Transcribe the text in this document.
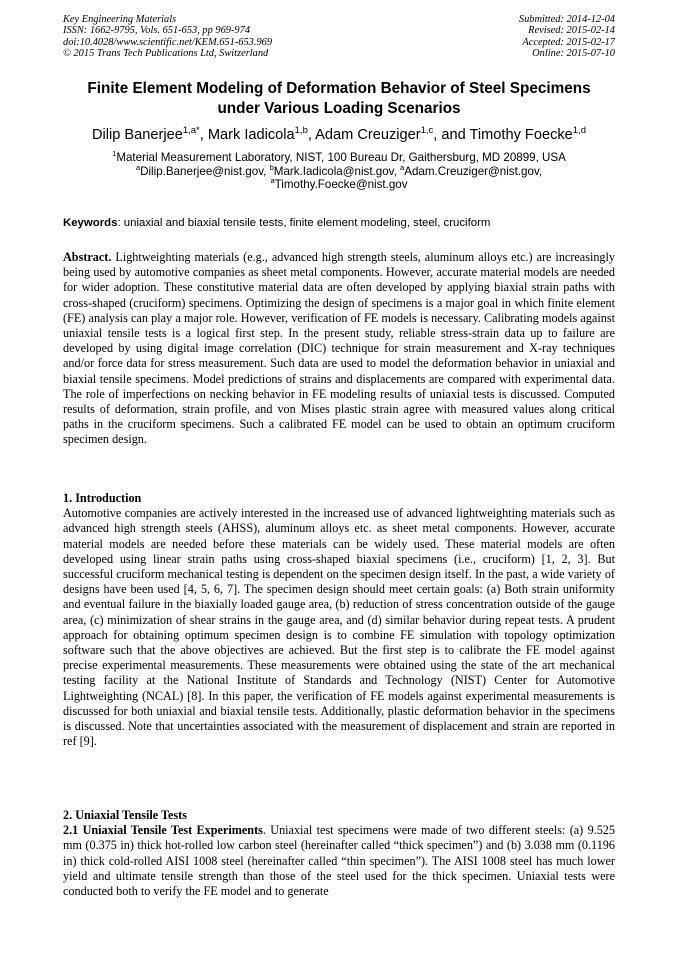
Key Engineering Materials
ISSN: 1662-9795, Vols. 651-653, pp 969-974
doi:10.4028/www.scientific.net/KEM.651-653.969
© 2015 Trans Tech Publications Ltd, Switzerland
Submitted: 2014-12-04
Revised: 2015-02-14
Accepted: 2015-02-17
Online: 2015-07-10
Finite Element Modeling of Deformation Behavior of Steel Specimens
under Various Loading Scenarios
Dilip Banerjee$^{1,a*}$, Mark Iadicola$^{1,b}$, Adam Creuziger$^{1,c}$, and Timothy Foecke$^{1,d}$
$^1$Material Measurement Laboratory, NIST, 100 Bureau Dr, Gaithersburg, MD 20899, USA
$^a$Dilip.Banerjee@nist.gov, $^b$Mark.Iadicola@nist.gov, $^a$Adam.Creuziger@nist.gov,
$^a$Timothy.Foecke@nist.gov
Keywords: uniaxial and biaxial tensile tests, finite element modeling, steel, cruciform

Abstract. Lightweighting materials (e.g., advanced high strength steels, aluminum alloys etc.) are increasingly being used by automotive companies as sheet metal components. However, accurate material models are needed for wider adoption. These constitutive material data are often developed by applying biaxial strain paths with cross-shaped (cruciform) specimens. Optimizing the design of specimens is a major goal in which finite element (FE) analysis can play a major role. However, verification of FE models is necessary. Calibrating models against uniaxial tensile tests is a logical first step. In the present study, reliable stress-strain data up to failure are developed by using digital image correlation (DIC) technique for strain measurement and X-ray techniques and/or force data for stress measurement. Such data are used to model the deformation behavior in uniaxial and biaxial tensile specimens. Model predictions of strains and displacements are compared with experimental data. The role of imperfections on necking behavior in FE modeling results of uniaxial tests is discussed. Computed results of deformation, strain profile, and von Mises plastic strain agree with measured values along critical paths in the cruciform specimens. Such a calibrated FE model can be used to obtain an optimum cruciform specimen design.

1. Introduction

Automotive companies are actively interested in the increased use of advanced lightweighting materials such as advanced high strength steels (AHSS), aluminum alloys etc. as sheet metal components. However, accurate material models are needed before these materials can be widely used. These material models are often developed using linear strain paths using cross-shaped biaxial specimens (i.e., cruciform) [1, 2, 3]. But successful cruciform mechanical testing is dependent on the specimen design itself. In the past, a wide variety of designs have been used [4, 5, 6, 7]. The specimen design should meet certain goals: (a) Both strain uniformity and eventual failure in the biaxially loaded gauge area, (b) reduction of stress concentration outside of the gauge area, (c) minimization of shear strains in the gauge area, and (d) similar behavior during repeat tests. A prudent approach for obtaining optimum specimen design is to combine FE simulation with topology optimization software such that the above objectives are achieved. But the first step is to calibrate the FE model against precise experimental measurements. These measurements were obtained using the state of the art mechanical testing facility at the National Institute of Standards and Technology (NIST) Center for Automotive Lightweighting (NCAL) [8]. In this paper, the verification of FE models against experimental measurements is discussed for both uniaxial and biaxial tensile tests. Additionally, plastic deformation behavior in the specimens is discussed. Note that uncertainties associated with the measurement of displacement and strain are reported in ref [9].

2. Uniaxial Tensile Tests

2.1 Uniaxial Tensile Test Experiments. Uniaxial test specimens were made of two different steels: (a) 9.525 mm (0.375 in) thick hot-rolled low carbon steel (hereinafter called “thick specimen”) and (b) 3.038 mm (0.1196 in) thick cold-rolled AISI 1008 steel (hereinafter called “thin specimen”). The AISI 1008 steel has much lower yield and ultimate tensile strength than those of the steel used for the thick specimen. Uniaxial tests were conducted both to verify the FE model and to generate
